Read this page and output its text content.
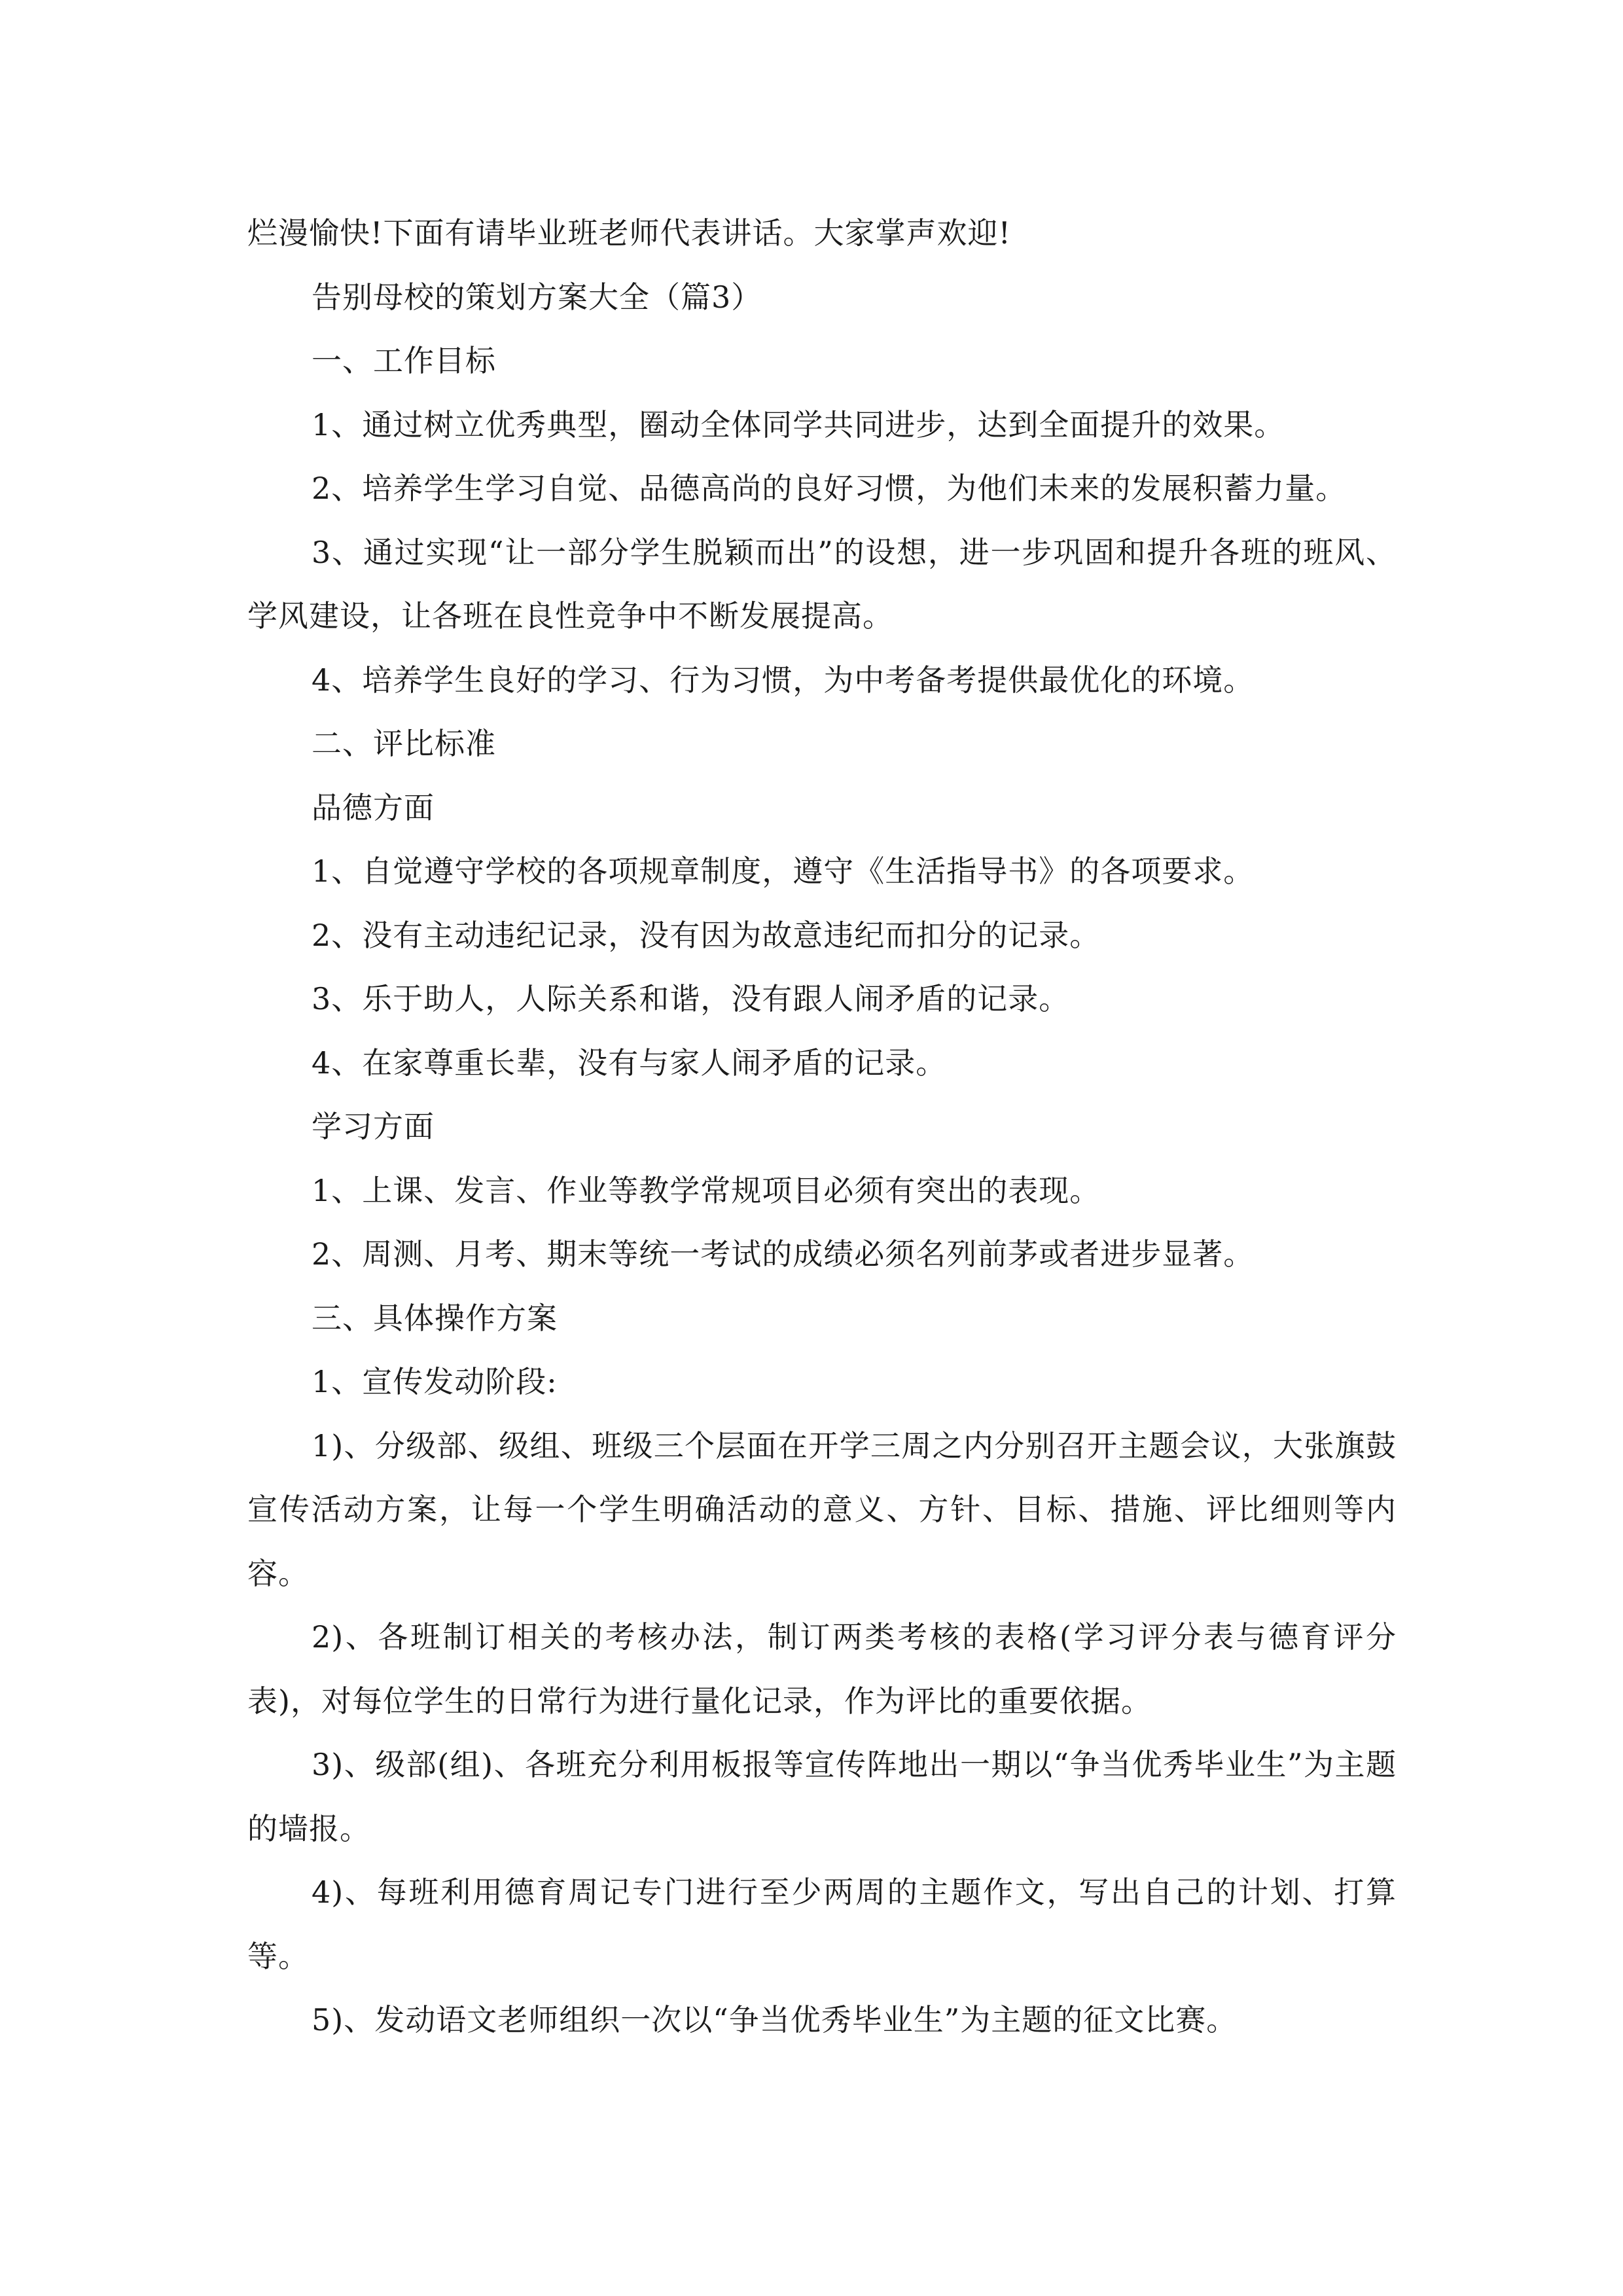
烂漫愉快!下面有请毕业班老师代表讲话。大家掌声欢迎!

告别母校的策划方案大全（篇3）

一、工作目标

1、通过树立优秀典型，圈动全体同学共同进步，达到全面提升的效果。

2、培养学生学习自觉、品德高尚的良好习惯，为他们未来的发展积蓄力量。

3、通过实现“让一部分学生脱颖而出”的设想，进一步巩固和提升各班的班风、学风建设，让各班在良性竞争中不断发展提高。

4、培养学生良好的学习、行为习惯，为中考备考提供最优化的环境。

二、评比标准

品德方面

1、自觉遵守学校的各项规章制度，遵守《生活指导书》的各项要求。

2、没有主动违纪记录，没有因为故意违纪而扣分的记录。

3、乐于助人，人际关系和谐，没有跟人闹矛盾的记录。

4、在家尊重长辈，没有与家人闹矛盾的记录。

学习方面

1、上课、发言、作业等教学常规项目必须有突出的表现。

2、周测、月考、期末等统一考试的成绩必须名列前茅或者进步显著。

三、具体操作方案

1、宣传发动阶段:

1)、分级部、级组、班级三个层面在开学三周之内分别召开主题会议，大张旗鼓宣传活动方案，让每一个学生明确活动的意义、方针、目标、措施、评比细则等内容。

2)、各班制订相关的考核办法，制订两类考核的表格(学习评分表与德育评分表)，对每位学生的日常行为进行量化记录，作为评比的重要依据。

3)、级部(组)、各班充分利用板报等宣传阵地出一期以“争当优秀毕业生”为主题的墙报。

4)、每班利用德育周记专门进行至少两周的主题作文，写出自己的计划、打算等。

5)、发动语文老师组织一次以“争当优秀毕业生”为主题的征文比赛。
